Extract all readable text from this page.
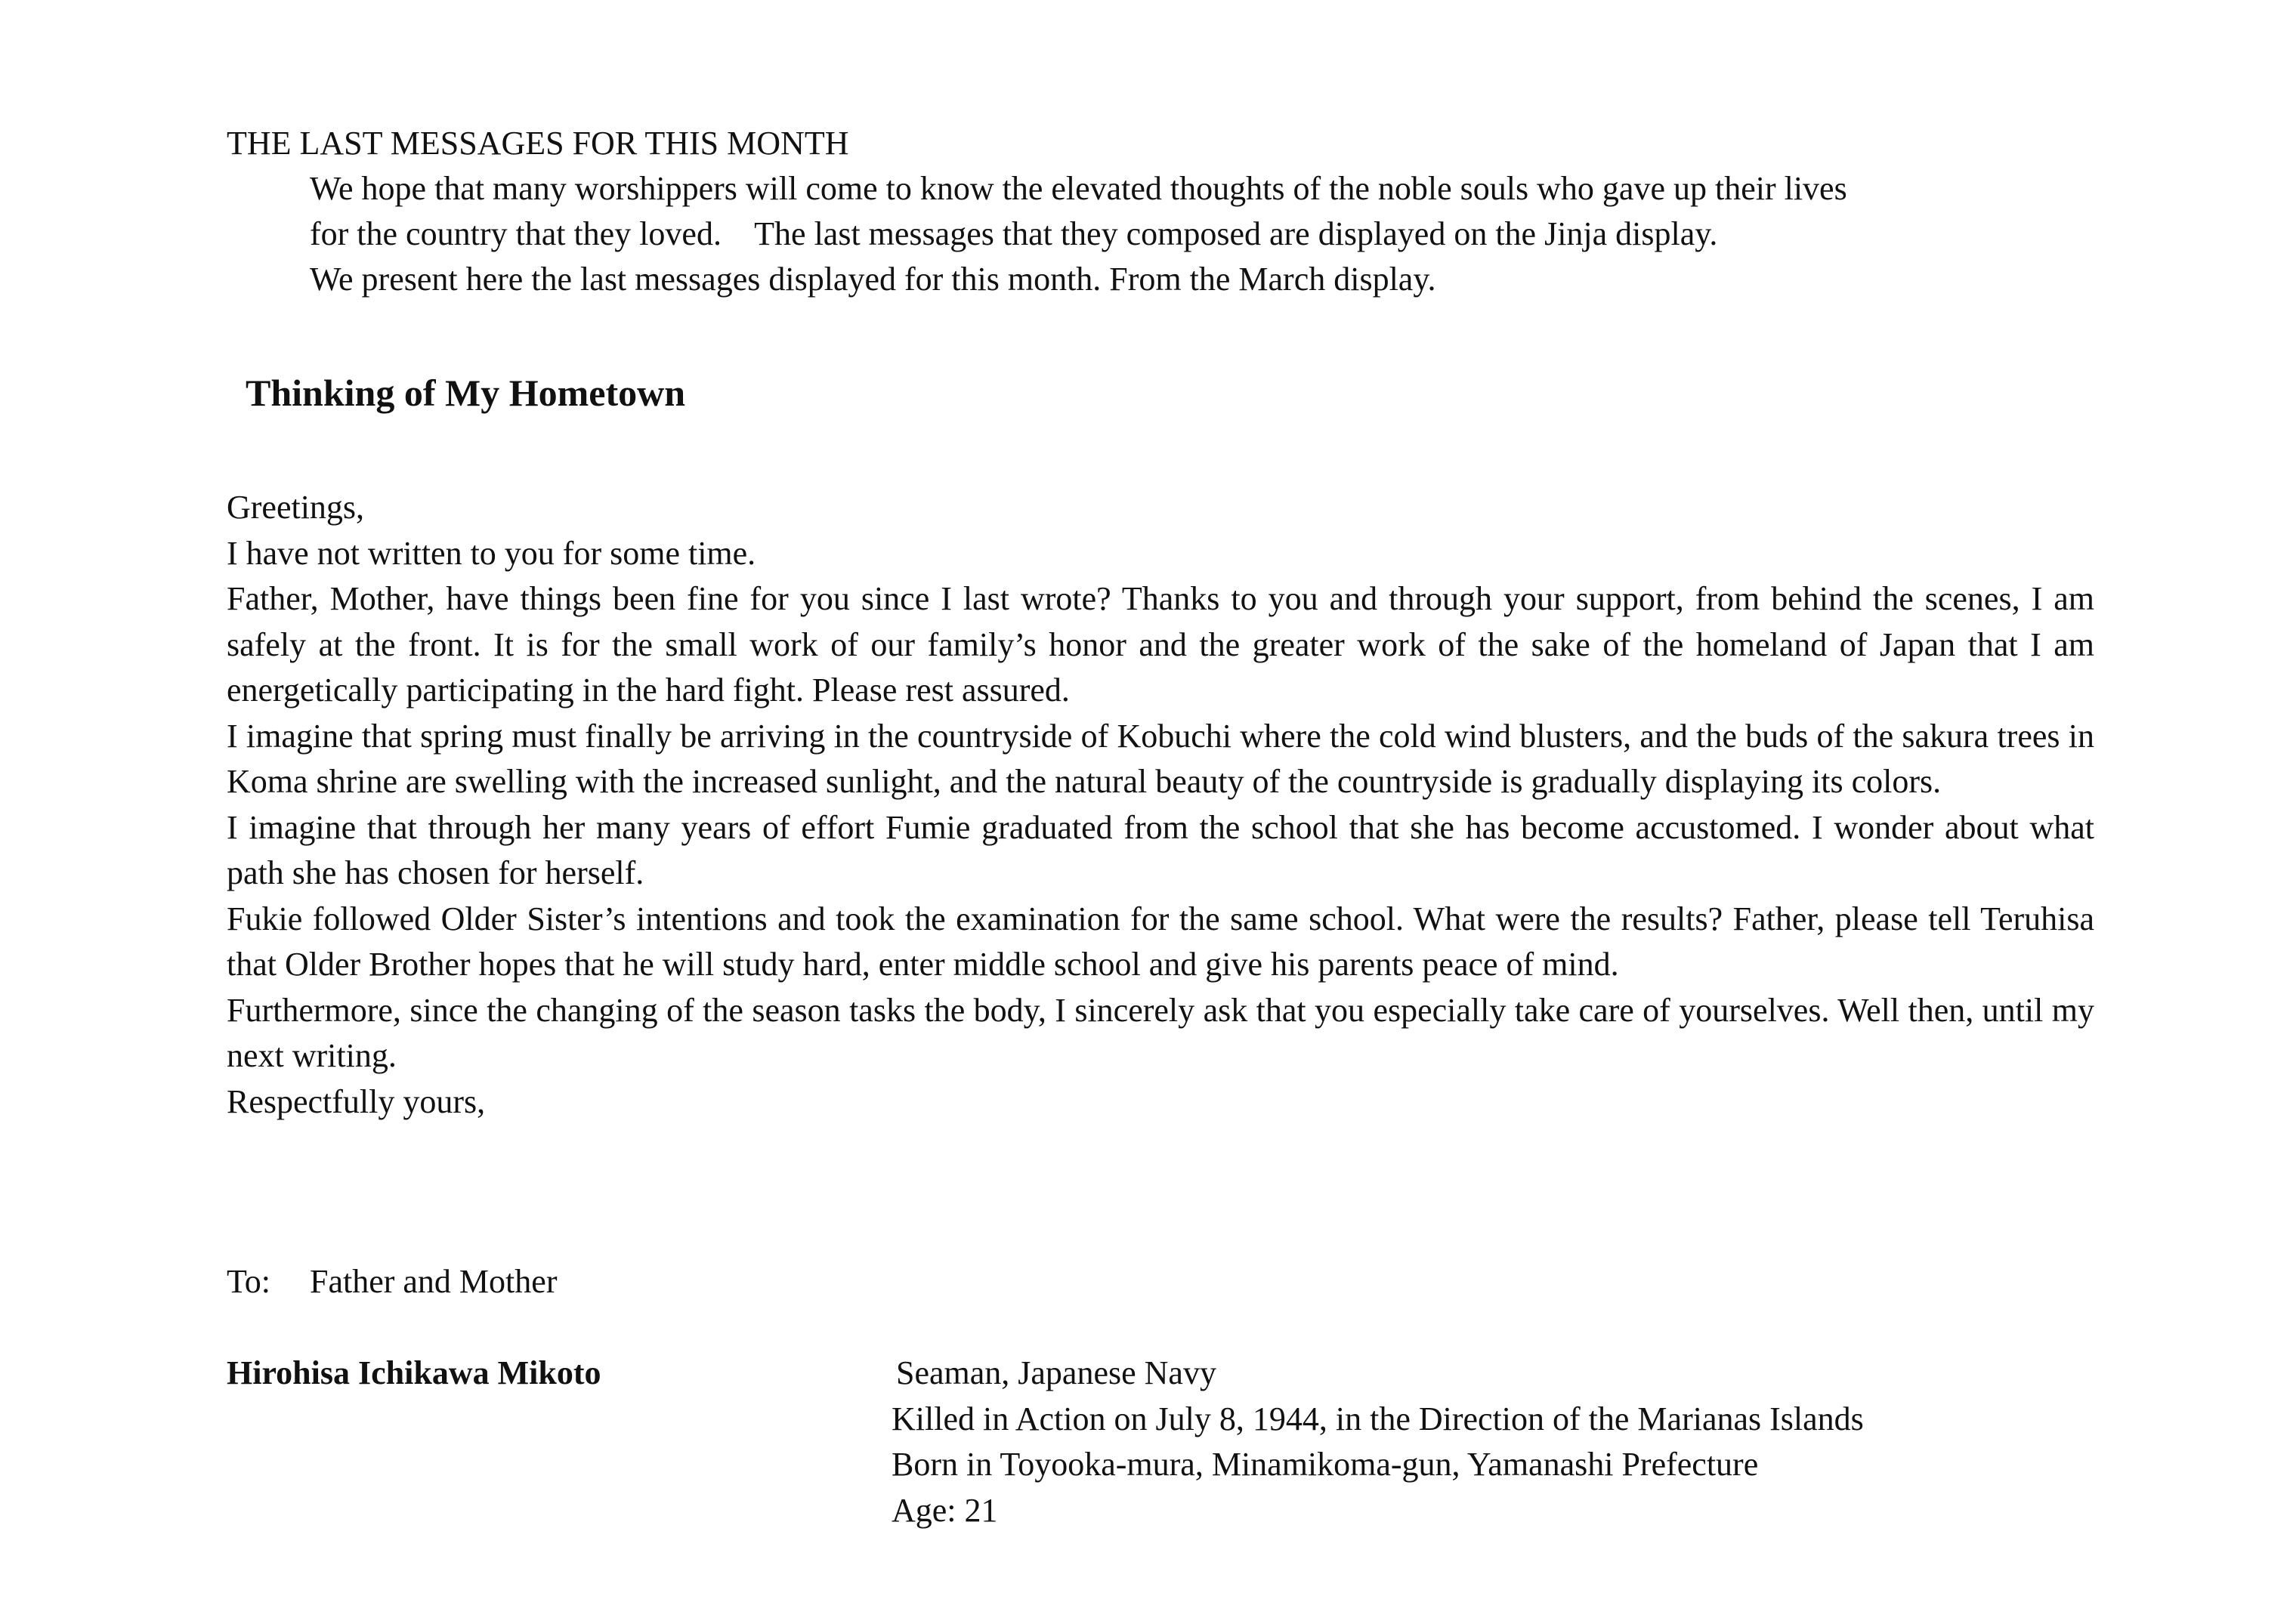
THE LAST MESSAGES FOR THIS MONTH

We hope that many worshippers will come to know the elevated thoughts of the noble souls who gave up their lives

for the country that they loved.    The last messages that they composed are displayed on the Jinja display.

We present here the last messages displayed for this month. From the March display.

Thinking of My Hometown

Greetings,

I have not written to you for some time.

Father, Mother, have things been fine for you since I last wrote? Thanks to you and through your support, from behind the scenes, I am safely at the front. It is for the small work of our family’s honor and the greater work of the sake of the homeland of Japan that I am energetically participating in the hard fight. Please rest assured.

I imagine that spring must finally be arriving in the countryside of Kobuchi where the cold wind blusters, and the buds of the sakura trees in Koma shrine are swelling with the increased sunlight, and the natural beauty of the countryside is gradually displaying its colors.

I imagine that through her many years of effort Fumie graduated from the school that she has become accustomed. I wonder about what path she has chosen for herself.

Fukie followed Older Sister’s intentions and took the examination for the same school. What were the results? Father, please tell Teruhisa that Older Brother hopes that he will study hard, enter middle school and give his parents peace of mind.

Furthermore, since the changing of the season tasks the body, I sincerely ask that you especially take care of yourselves. Well then, until my next writing.

Respectfully yours,

To: Father and Mother
Hirohisa Ichikawa Mikoto	Seaman, Japanese Navy
Killed in Action on July 8, 1944, in the Direction of the Marianas Islands
Born in Toyooka-mura, Minamikoma-gun, Yamanashi Prefecture
Age: 21
